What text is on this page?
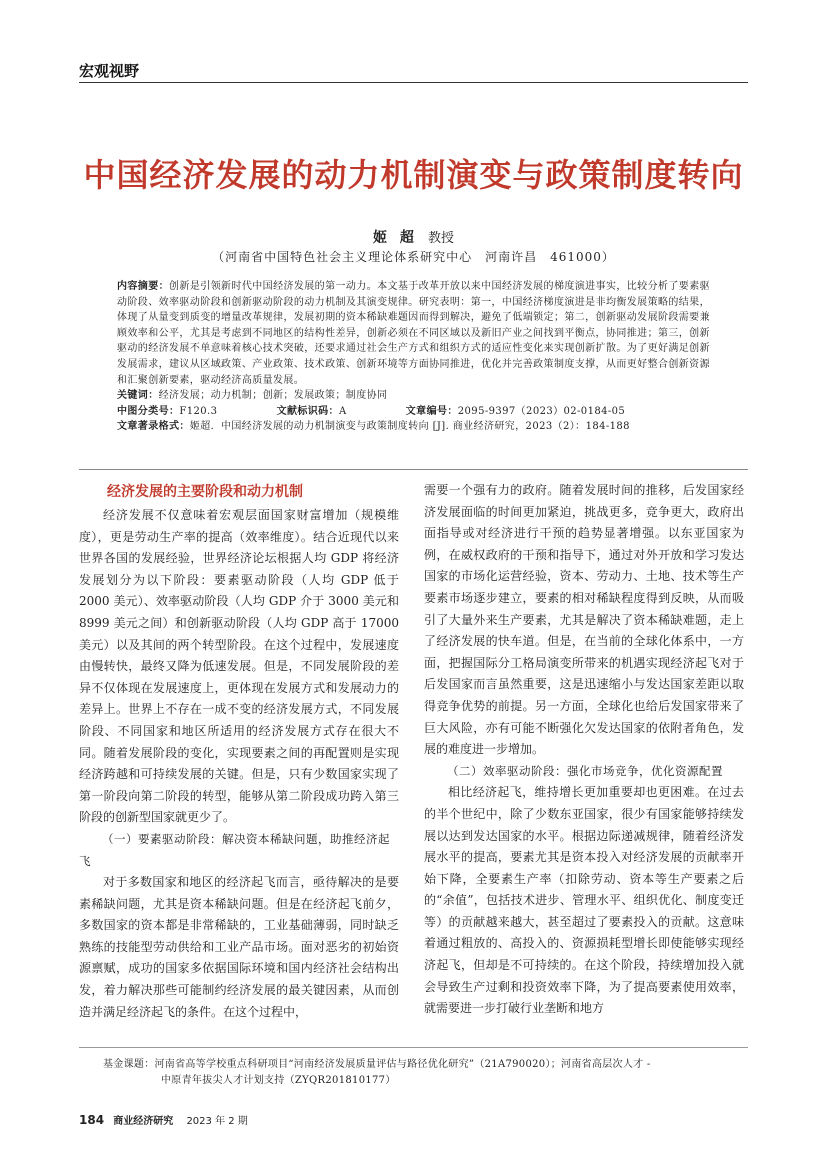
宏观视野
中国经济发展的动力机制演变与政策制度转向
姬 超 教授
（河南省中国特色社会主义理论体系研究中心　河南许昌　461000）

内容摘要：创新是引领新时代中国经济发展的第一动力。本文基于改革开放以来中国经济发展的梯度演进事实，比较分析了要素驱动阶段、效率驱动阶段和创新驱动阶段的动力机制及其演变规律。研究表明：第一，中国经济梯度演进是非均衡发展策略的结果，体现了从量变到质变的增量改革规律，发展初期的资本稀缺难题因而得到解决，避免了低端锁定；第二，创新驱动发展阶段需要兼顾效率和公平，尤其是考虑到不同地区的结构性差异，创新必须在不同区域以及新旧产业之间找到平衡点，协同推进；第三，创新驱动的经济发展不单意味着核心技术突破，还要求通过社会生产方式和组织方式的适应性变化来实现创新扩散。为了更好满足创新发展需求，建议从区域政策、产业政策、技术政策、创新环境等方面协同推进，优化并完善政策制度支撑，从而更好整合创新资源和汇聚创新要素，驱动经济高质量发展。

关键词：经济发展；动力机制；创新；发展政策；制度协同

中图分类号：F120.3	文献标识码：A	文章编号：2095-9397（2023）02-0184-05

文章著录格式：姬超．中国经济发展的动力机制演变与政策制度转向 [J]. 商业经济研究，2023（2）：184-188

经济发展的主要阶段和动力机制

经济发展不仅意味着宏观层面国家财富增加（规模维度），更是劳动生产率的提高（效率维度）。结合近现代以来世界各国的发展经验，世界经济论坛根据人均 GDP 将经济发展划分为以下阶段：要素驱动阶段（人均 GDP 低于 2000 美元）、效率驱动阶段（人均 GDP 介于 3000 美元和 8999 美元之间）和创新驱动阶段（人均 GDP 高于 17000 美元）以及其间的两个转型阶段。在这个过程中，发展速度由慢转快，最终又降为低速发展。但是，不同发展阶段的差异不仅体现在发展速度上，更体现在发展方式和发展动力的差异上。世界上不存在一成不变的经济发展方式，不同发展阶段、不同国家和地区所适用的经济发展方式存在很大不同。随着发展阶段的变化，实现要素之间的再配置则是实现经济跨越和可持续发展的关键。但是，只有少数国家实现了第一阶段向第二阶段的转型，能够从第二阶段成功跨入第三阶段的创新型国家就更少了。

（一）要素驱动阶段：解决资本稀缺问题，助推经济起飞

对于多数国家和地区的经济起飞而言，亟待解决的是要素稀缺问题，尤其是资本稀缺问题。但是在经济起飞前夕，多数国家的资本都是非常稀缺的，工业基础薄弱，同时缺乏熟练的技能型劳动供给和工业产品市场。面对恶劣的初始资源禀赋，成功的国家多依据国际环境和国内经济社会结构出发，着力解决那些可能制约经济发展的最关键因素，从而创造并满足经济起飞的条件。在这个过程中，

需要一个强有力的政府。随着发展时间的推移，后发国家经济发展面临的时间更加紧迫，挑战更多，竞争更大，政府出面指导或对经济进行干预的趋势显著增强。以东亚国家为例，在威权政府的干预和指导下，通过对外开放和学习发达国家的市场化运营经验，资本、劳动力、土地、技术等生产要素市场逐步建立，要素的相对稀缺程度得到反映，从而吸引了大量外来生产要素，尤其是解决了资本稀缺难题，走上了经济发展的快车道。但是，在当前的全球化体系中，一方面，把握国际分工格局演变所带来的机遇实现经济起飞对于后发国家而言虽然重要，这是迅速缩小与发达国家差距以取得竞争优势的前提。另一方面，全球化也给后发国家带来了巨大风险，亦有可能不断强化欠发达国家的依附者角色，发展的难度进一步增加。

（二）效率驱动阶段：强化市场竞争，优化资源配置

相比经济起飞，维持增长更加重要却也更困难。在过去的半个世纪中，除了少数东亚国家，很少有国家能够持续发展以达到发达国家的水平。根据边际递减规律，随着经济发展水平的提高，要素尤其是资本投入对经济发展的贡献率开始下降，全要素生产率（扣除劳动、资本等生产要素之后的“余值”，包括技术进步、管理水平、组织优化、制度变迁等）的贡献越来越大，甚至超过了要素投入的贡献。这意味着通过粗放的、高投入的、资源损耗型增长即使能够实现经济起飞，但却是不可持续的。在这个阶段，持续增加投入就会导致生产过剩和投资效率下降，为了提高要素使用效率，就需要进一步打破行业垄断和地方

基金课题：河南省高等学校重点科研项目“河南经济发展质量评估与路径优化研究”（21A790020）；河南省高层次人才 -
中原青年拔尖人才计划支持（ZYQR201810177）
184 商业经济研究 2023 年 2 期
